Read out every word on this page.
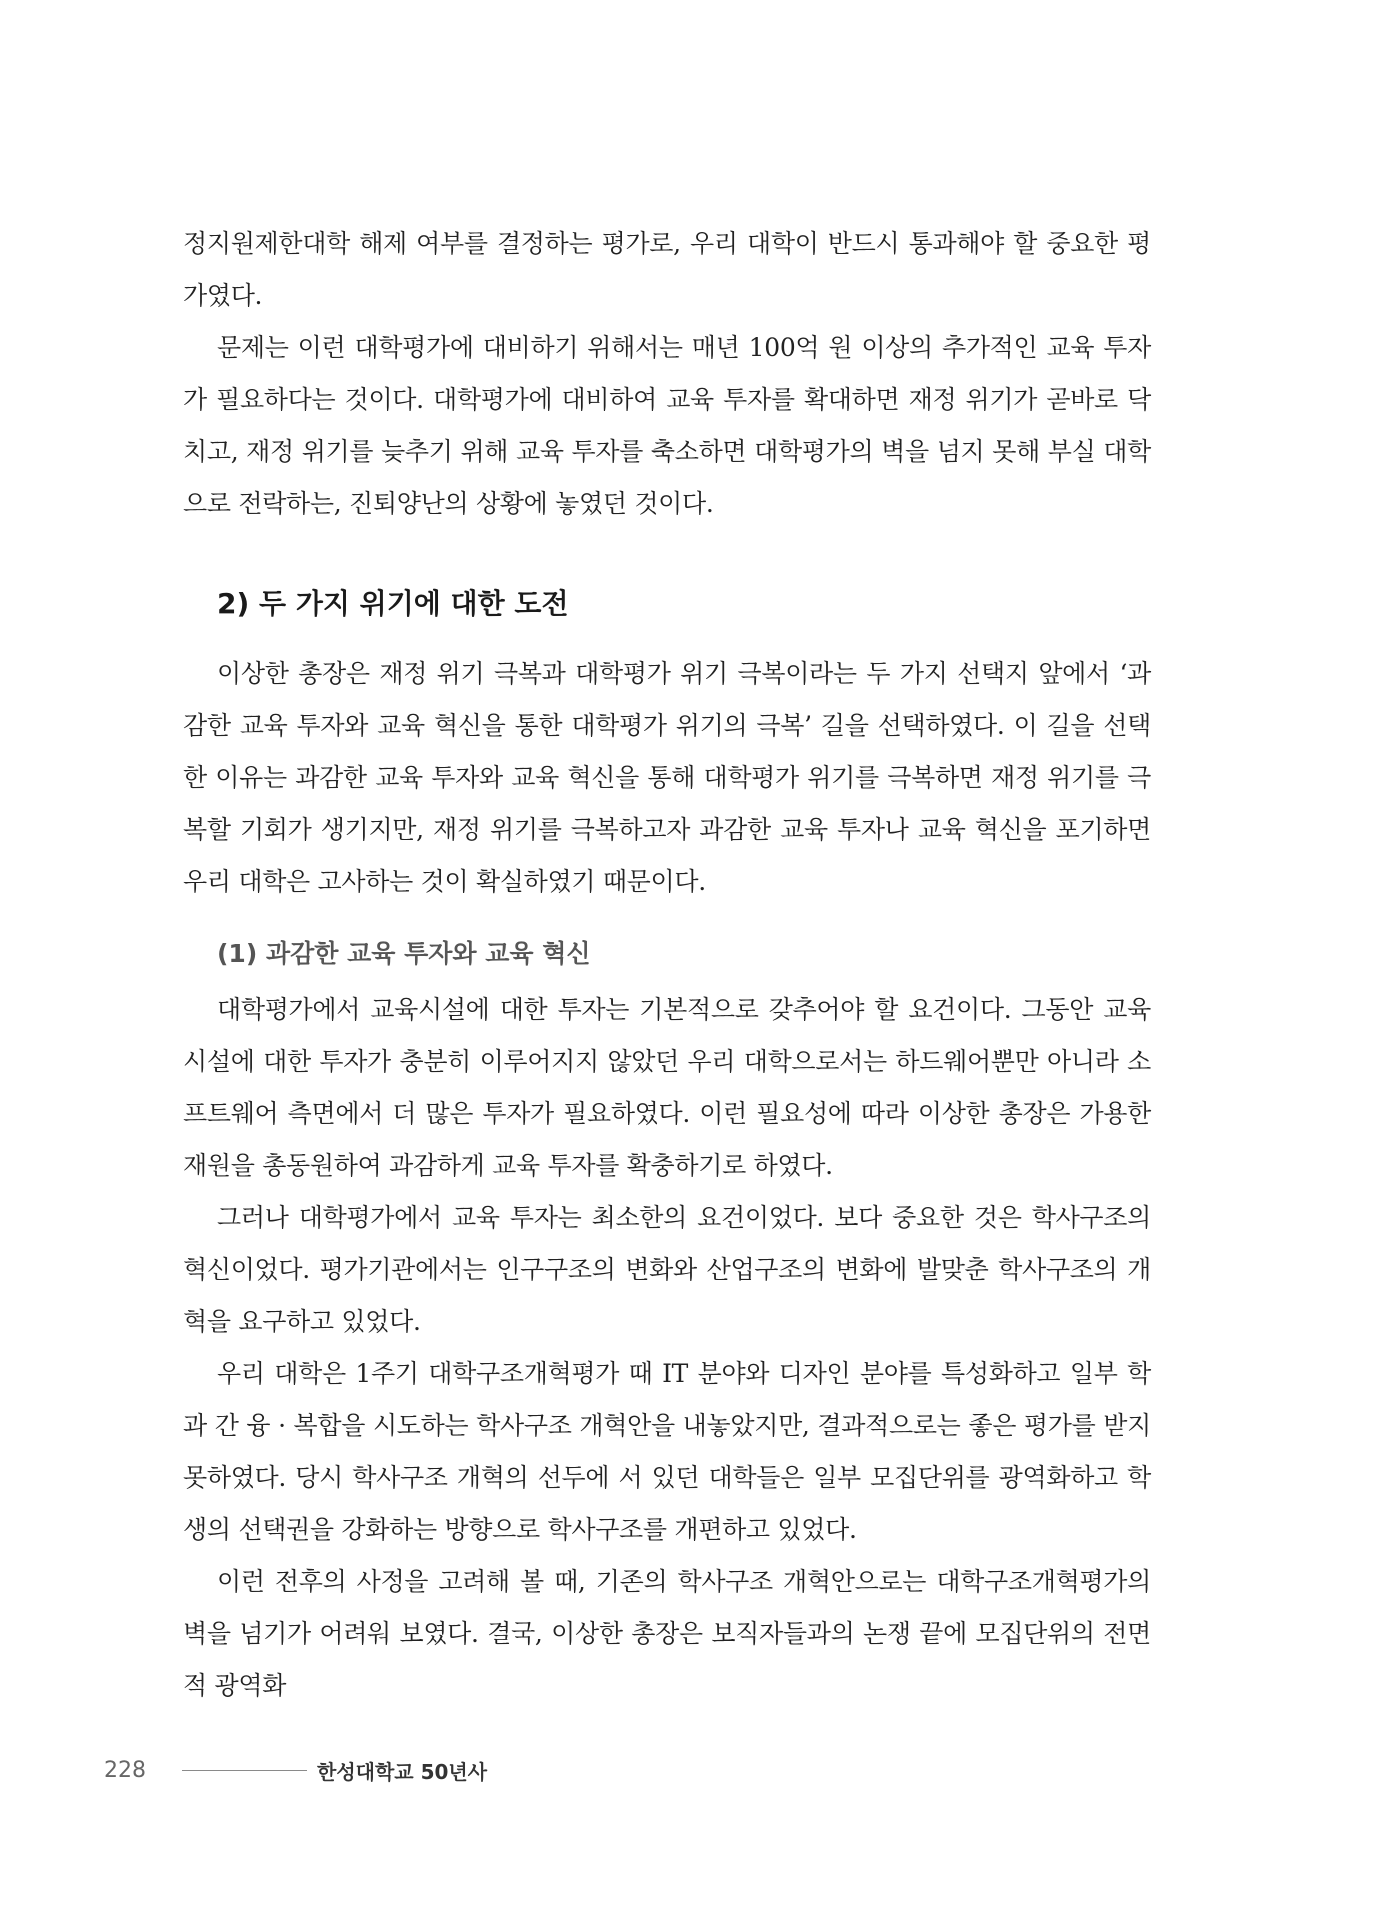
정지원제한대학 해제 여부를 결정하는 평가로, 우리 대학이 반드시 통과해야 할 중요한 평가였다.

문제는 이런 대학평가에 대비하기 위해서는 매년 100억 원 이상의 추가적인 교육 투자가 필요하다는 것이다. 대학평가에 대비하여 교육 투자를 확대하면 재정 위기가 곧바로 닥치고, 재정 위기를 늦추기 위해 교육 투자를 축소하면 대학평가의 벽을 넘지 못해 부실 대학으로 전락하는, 진퇴양난의 상황에 놓였던 것이다.

2) 두 가지 위기에 대한 도전

이상한 총장은 재정 위기 극복과 대학평가 위기 극복이라는 두 가지 선택지 앞에서 ‘과감한 교육 투자와 교육 혁신을 통한 대학평가 위기의 극복’ 길을 선택하였다. 이 길을 선택한 이유는 과감한 교육 투자와 교육 혁신을 통해 대학평가 위기를 극복하면 재정 위기를 극복할 기회가 생기지만, 재정 위기를 극복하고자 과감한 교육 투자나 교육 혁신을 포기하면 우리 대학은 고사하는 것이 확실하였기 때문이다.

(1) 과감한 교육 투자와 교육 혁신

대학평가에서 교육시설에 대한 투자는 기본적으로 갖추어야 할 요건이다. 그동안 교육시설에 대한 투자가 충분히 이루어지지 않았던 우리 대학으로서는 하드웨어뿐만 아니라 소프트웨어 측면에서 더 많은 투자가 필요하였다. 이런 필요성에 따라 이상한 총장은 가용한 재원을 총동원하여 과감하게 교육 투자를 확충하기로 하였다.

그러나 대학평가에서 교육 투자는 최소한의 요건이었다. 보다 중요한 것은 학사구조의 혁신이었다. 평가기관에서는 인구구조의 변화와 산업구조의 변화에 발맞춘 학사구조의 개혁을 요구하고 있었다.

우리 대학은 1주기 대학구조개혁평가 때 IT 분야와 디자인 분야를 특성화하고 일부 학과 간 융 · 복합을 시도하는 학사구조 개혁안을 내놓았지만, 결과적으로는 좋은 평가를 받지 못하였다. 당시 학사구조 개혁의 선두에 서 있던 대학들은 일부 모집단위를 광역화하고 학생의 선택권을 강화하는 방향으로 학사구조를 개편하고 있었다.

이런 전후의 사정을 고려해 볼 때, 기존의 학사구조 개혁안으로는 대학구조개혁평가의 벽을 넘기가 어려워 보였다. 결국, 이상한 총장은 보직자들과의 논쟁 끝에 모집단위의 전면적 광역화

228	한성대학교 50년사
